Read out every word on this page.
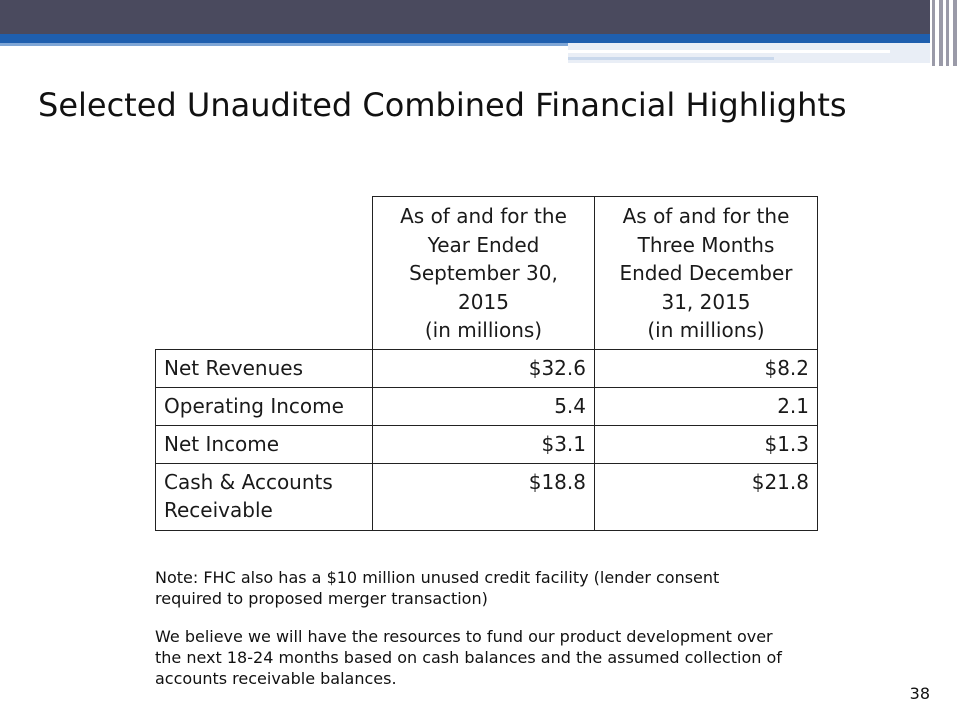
Selected Unaudited Combined Financial Highlights
	As of and for the
Year Ended
September 30,
2015
(in millions)	As of and for the
Three Months
Ended December
31, 2015
(in millions)
Net Revenues	$32.6	$8.2
Operating Income	5.4	2.1
Net Income	$3.1	$1.3
Cash & Accounts
Receivable	$18.8	$21.8
Note: FHC also has a $10 million unused credit facility (lender consent
required to proposed merger transaction)
We believe we will have the resources to fund our product development over
the next 18-24 months based on cash balances and the assumed collection of
accounts receivable balances.
38
